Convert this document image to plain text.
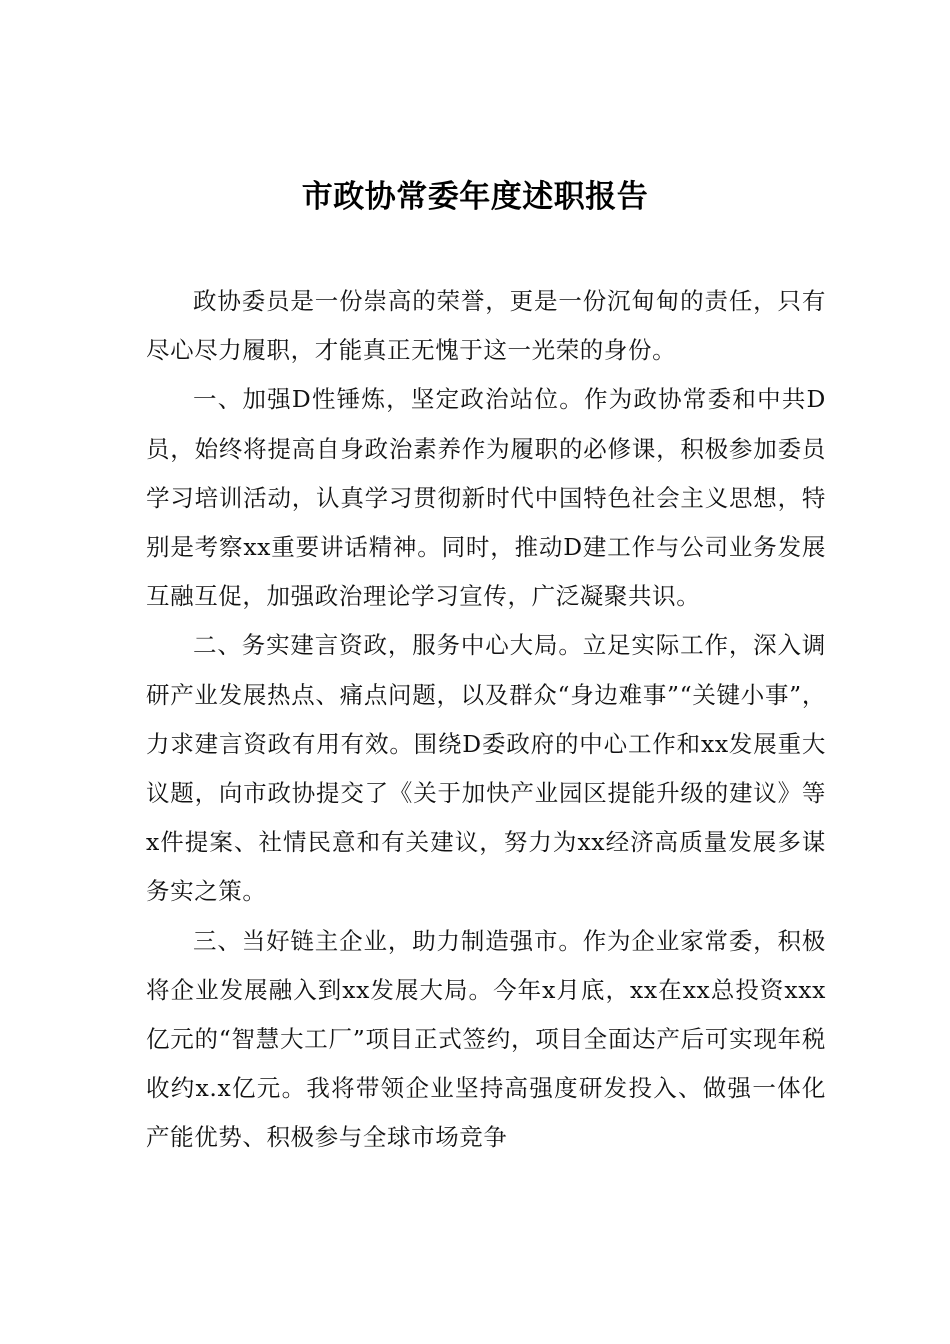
市政协常委年度述职报告

政协委员是一份崇高的荣誉，更是一份沉甸甸的责任，只有尽心尽力履职，才能真正无愧于这一光荣的身份。

一、加强D性锤炼，坚定政治站位。作为政协常委和中共D员，始终将提高自身政治素养作为履职的必修课，积极参加委员学习培训活动，认真学习贯彻新时代中国特色社会主义思想，特别是考察xx重要讲话精神。同时，推动D建工作与公司业务发展互融互促，加强政治理论学习宣传，广泛凝聚共识。

二、务实建言资政，服务中心大局。立足实际工作，深入调研产业发展热点、痛点问题，以及群众“身边难事”“关键小事”，力求建言资政有用有效。围绕D委政府的中心工作和xx发展重大议题，向市政协提交了《关于加快产业园区提能升级的建议》等x件提案、社情民意和有关建议，努力为xx经济高质量发展多谋务实之策。

三、当好链主企业，助力制造强市。作为企业家常委，积极将企业发展融入到xx发展大局。今年x月底，xx在xx总投资xxx亿元的“智慧大工厂”项目正式签约，项目全面达产后可实现年税收约x.x亿元。我将带领企业坚持高强度研发投入、做强一体化产能优势、积极参与全球市场竞争
